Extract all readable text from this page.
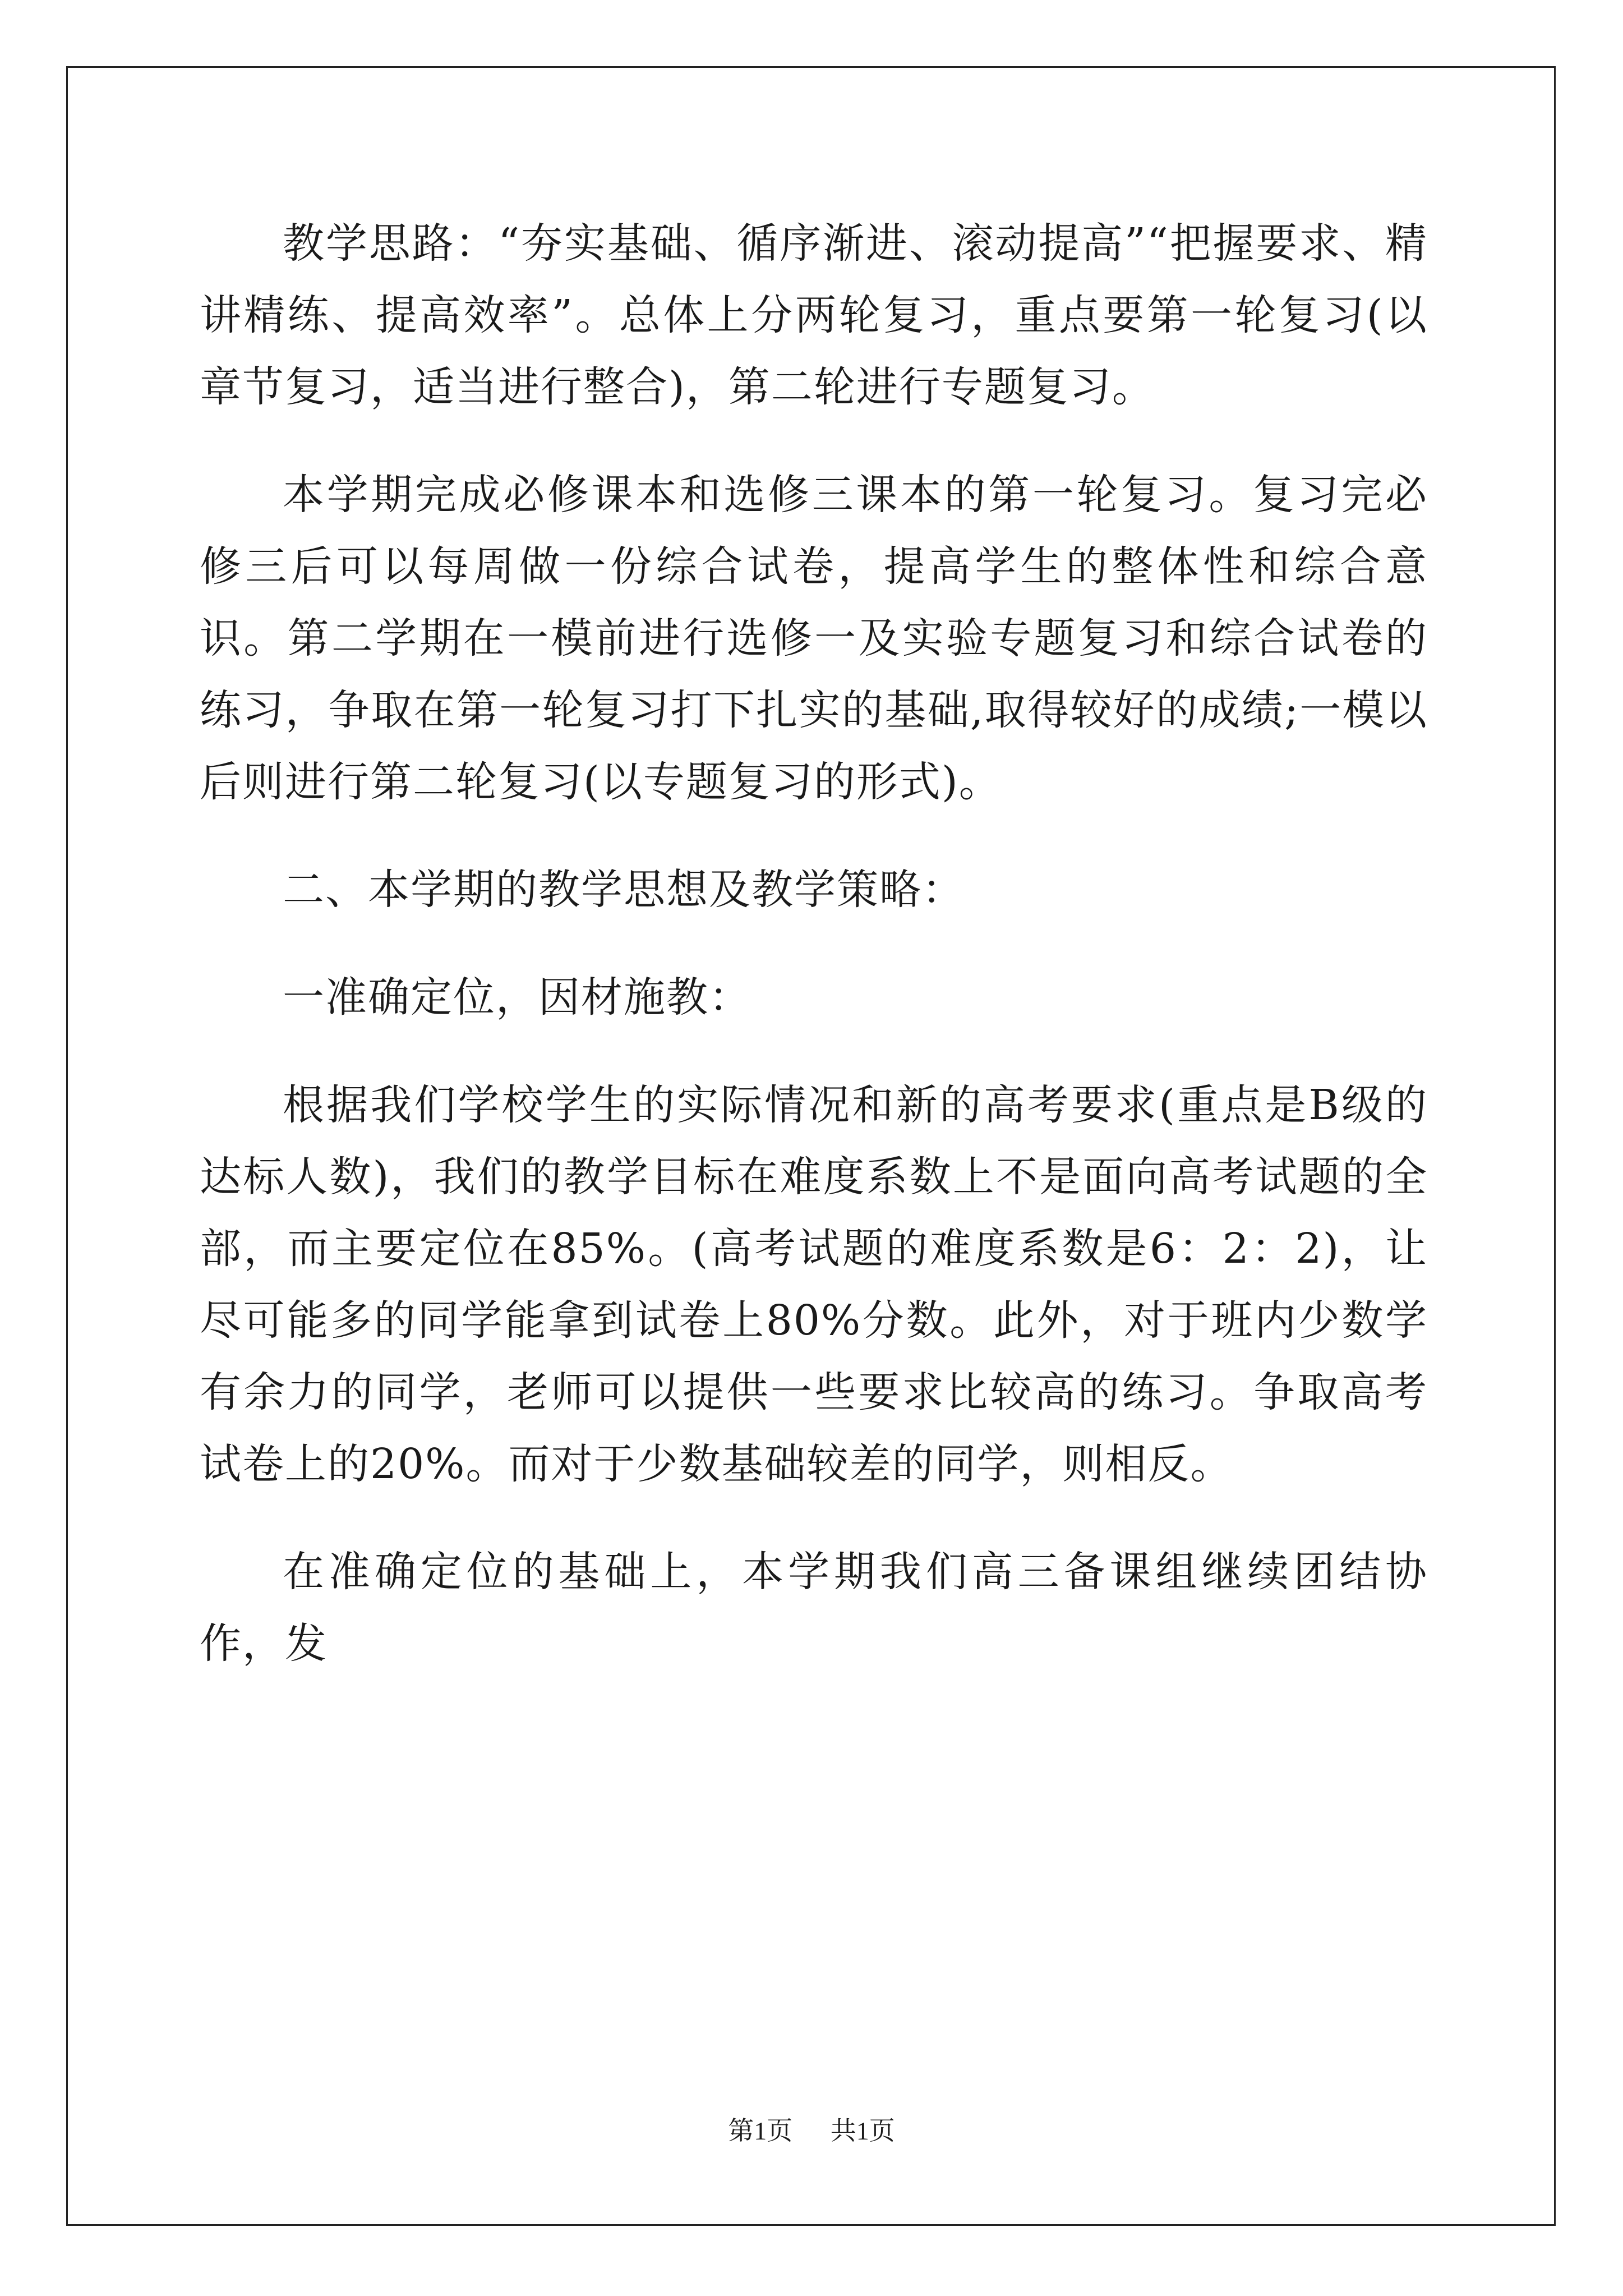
教学思路：“夯实基础、循序渐进、滚动提高”“把握要求、精讲精练、提高效率”。总体上分两轮复习，重点要第一轮复习(以章节复习，适当进行整合)，第二轮进行专题复习。

本学期完成必修课本和选修三课本的第一轮复习。复习完必修三后可以每周做一份综合试卷，提高学生的整体性和综合意识。第二学期在一模前进行选修一及实验专题复习和综合试卷的练习，争取在第一轮复习打下扎实的基础,取得较好的成绩;一模以后则进行第二轮复习(以专题复习的形式)。

二、本学期的教学思想及教学策略：

一准确定位，因材施教：

根据我们学校学生的实际情况和新的高考要求(重点是B级的达标人数)，我们的教学目标在难度系数上不是面向高考试题的全部，而主要定位在85%。(高考试题的难度系数是6：2：2)，让尽可能多的同学能拿到试卷上80%分数。此外，对于班内少数学有余力的同学，老师可以提供一些要求比较高的练习。争取高考试卷上的20%。而对于少数基础较差的同学，则相反。

在准确定位的基础上，本学期我们高三备课组继续团结协作，发

第1页 共1页
